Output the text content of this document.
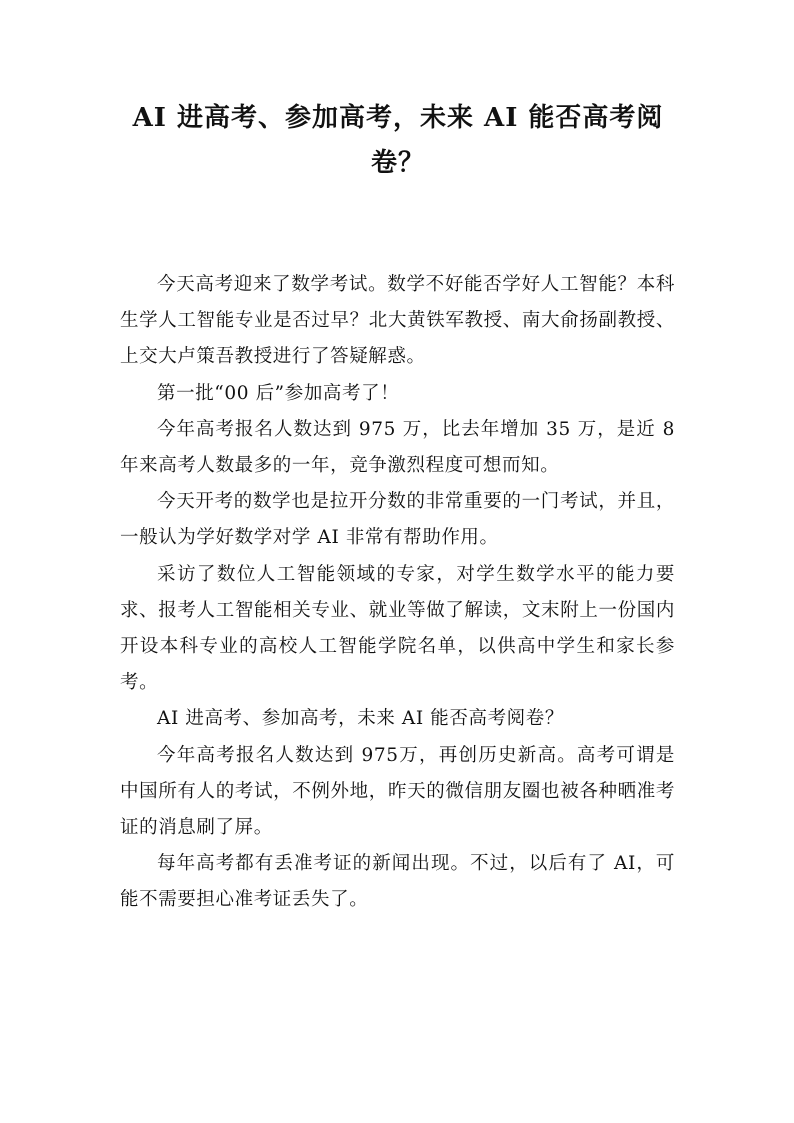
AI 进高考、参加高考，未来 AI 能否高考阅卷？

今天高考迎来了数学考试。数学不好能否学好人工智能？本科生学人工智能专业是否过早？北大黄铁军教授、南大俞扬副教授、上交大卢策吾教授进行了答疑解惑。

第一批“00 后”参加高考了！

今年高考报名人数达到 975 万，比去年增加 35 万，是近 8 年来高考人数最多的一年，竞争激烈程度可想而知。

今天开考的数学也是拉开分数的非常重要的一门考试，并且，一般认为学好数学对学 AI 非常有帮助作用。

采访了数位人工智能领域的专家，对学生数学水平的能力要求、报考人工智能相关专业、就业等做了解读，文末附上一份国内开设本科专业的高校人工智能学院名单，以供高中学生和家长参考。

AI 进高考、参加高考，未来 AI 能否高考阅卷？

今年高考报名人数达到 975万，再创历史新高。高考可谓是中国所有人的考试，不例外地，昨天的微信朋友圈也被各种晒准考证的消息刷了屏。

每年高考都有丢准考证的新闻出现。不过，以后有了 AI，可能不需要担心准考证丢失了。
